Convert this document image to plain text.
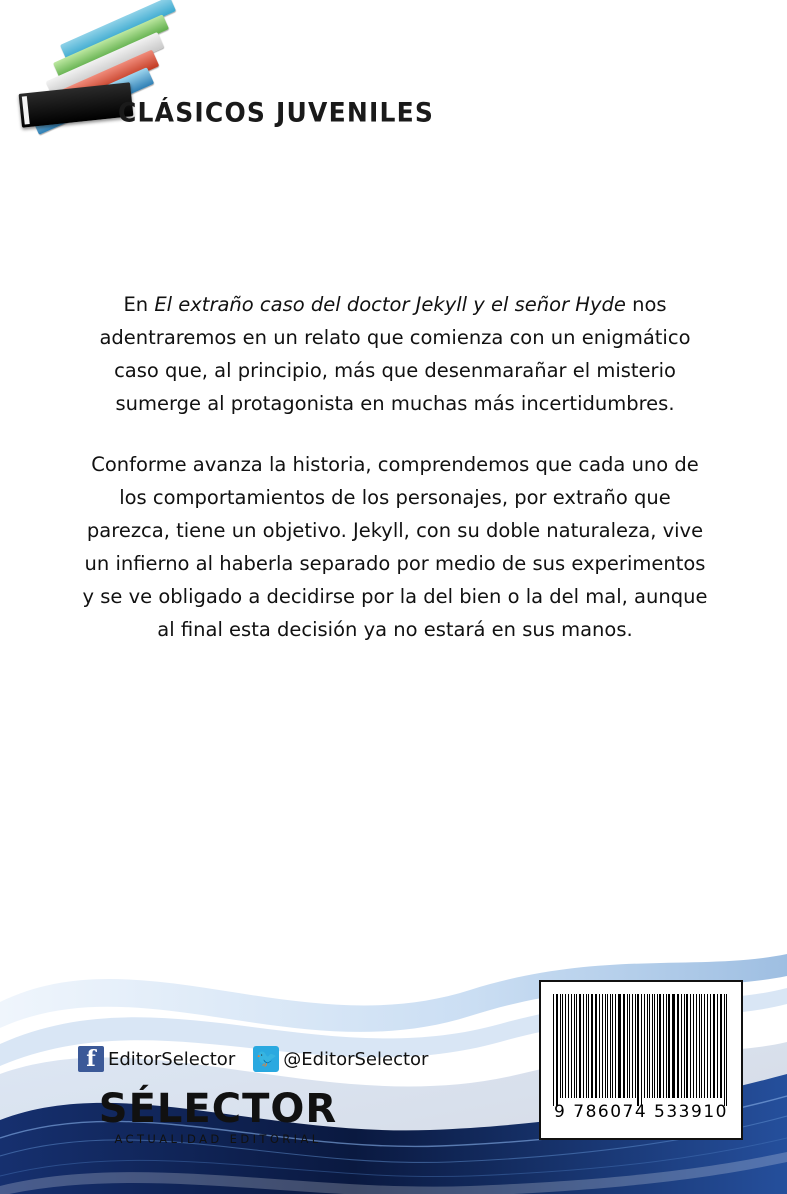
CLÁSICOS JUVENILES

En El extraño caso del doctor Jekyll y el señor Hyde nos adentraremos en un relato que comienza con un enigmático caso que, al principio, más que desenmarañar el misterio sumerge al protagonista en muchas más incertidumbres.

Conforme avanza la historia, comprendemos que cada uno de los comportamientos de los personajes, por extraño que parezca, tiene un objetivo. Jekyll, con su doble naturaleza, vive un infierno al haberla separado por medio de sus experimentos y se ve obligado a decidirse por la del bien o la del mal, aunque al final esta decisión ya no estará en sus manos.

f EditorSelector 🐦 @EditorSelector
SÉLECTOR
ACTUALIDAD EDITORIAL
9 786074 533910
